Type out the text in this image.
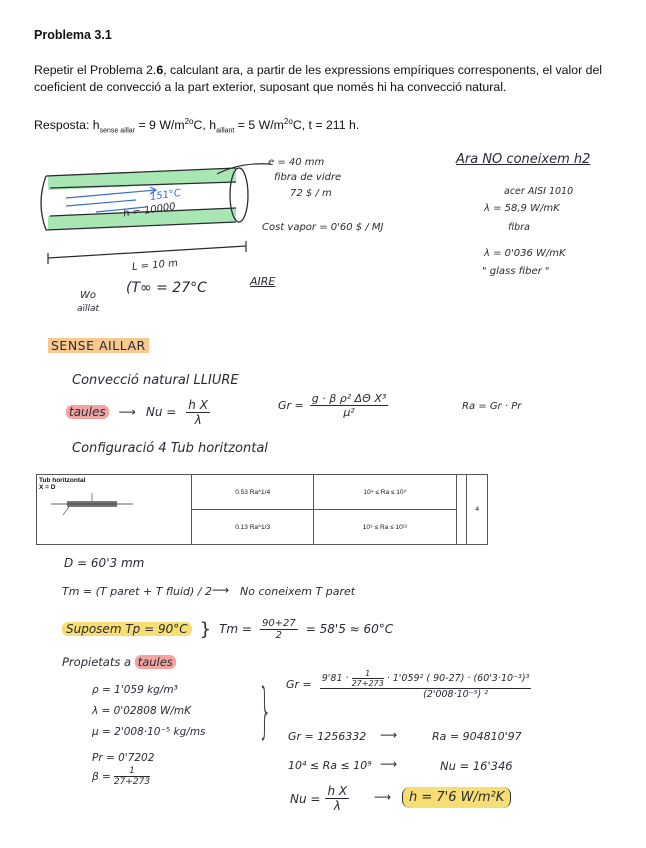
Problema 3.1
Repetir el Problema 2.6, calculant ara, a partir de les expressions empíriques corresponents, el valor del coeficient de convecció a la part exterior, suposant que només hi ha convecció natural.
Resposta: $h_{sense aillar} = 9$ $W/m^{2o}C$, $h_{aillant} = 5$ $W/m^{2o}C$, t = 211 h.
151°C
h = 10000
e = 40 mm
fibra de vidre
72 $ / m
Cost vapor = 0'60 $ / MJ
L = 10 m
Wo
aïllat
(T∞ = 27°C	AIRE
Ara NO coneixem h2
acer AISI 1010
λ = 58,9 W/mK
fibra
λ = 0'036 W/mK
" glass fiber "
SENSE AILLAR
Convecció natural LLIURE
taules ⟶ $Nu = \frac{\text{h X}}{\lambda}$	$Gr = \frac{\text{g · β ρ² ΔΘ X³}}{\text{μ²}}$	Ra = Gr · Pr
Configuració 4 Tub horitzontal
Tub horitzontal
X = D	0.53 Ra^1/4	10⁴ ≤ Ra ≤ 10⁹		4
	0.13 Ra^1/3	10⁹ ≤ Ra ≤ 10¹²		
D = 60'3 mm
Tm = (T paret + T fluid) / 2 ⟶ No coneixem T paret
Suposem Tp = 90°C } $Tm = \frac{90+27}{2} = 58'5 \approx 60^\circ C$
Propietats a taules
ρ = 1'059 kg/m³
λ = 0'02808 W/mK
μ = 2'008·10⁻⁵ kg/ms
Pr = 0'7202
$\beta = \frac{1}{27+273}$
} $Gr = \frac{9'81 \cdot \frac{1}{27+273} \cdot 1'059^2 ( 90-27) \cdot (60'3\cdot 10^{-3})^3}{\text{(2'008·10⁻⁵) ²}}$
Gr = 1256332 ⟶	Ra = 904810'97
10⁴ ≤ Ra ≤ 10⁹ ⟶	Nu = 16'346
$Nu = \frac{\text{h X}}{\lambda}$ ⟶	h = 7'6 W/m²K
